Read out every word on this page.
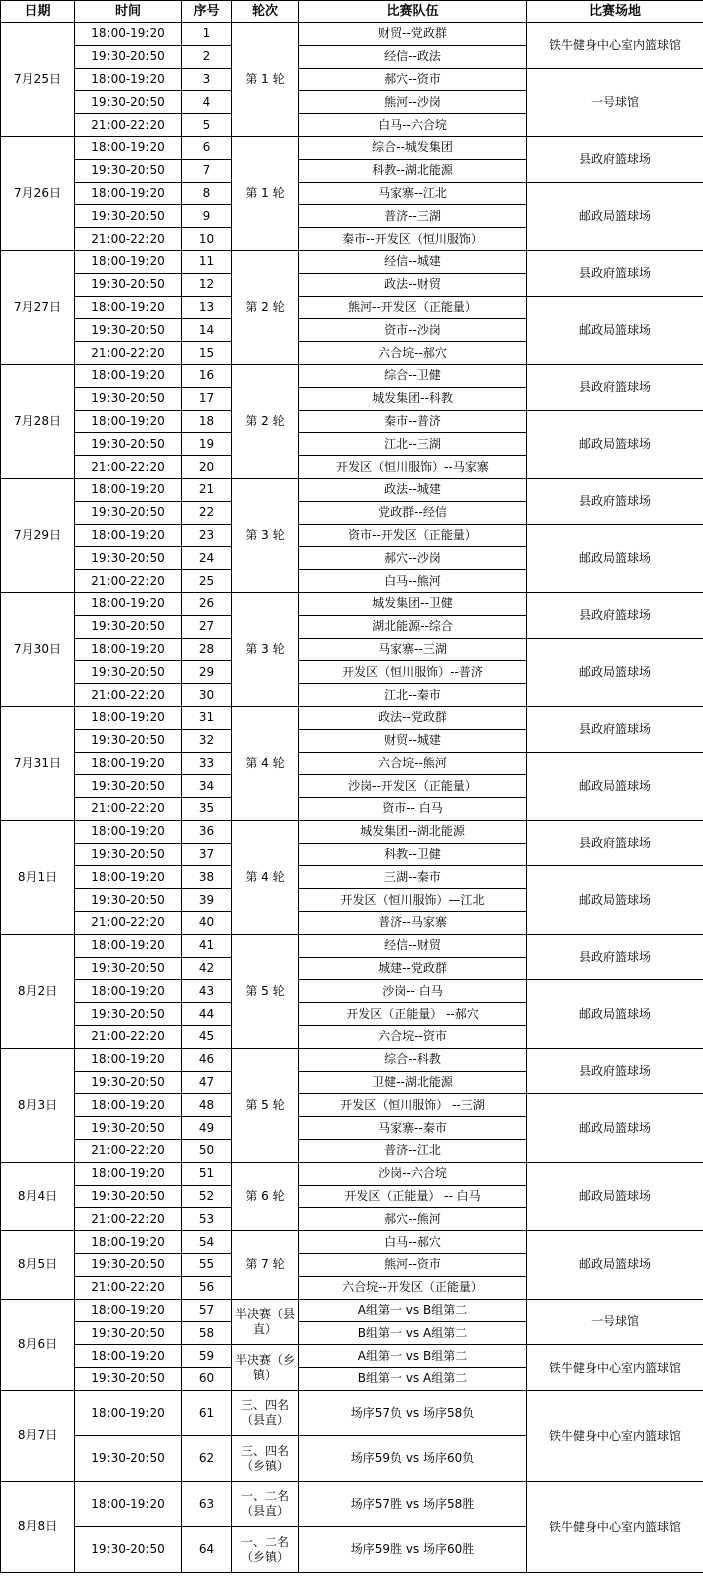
日期	时间	序号	轮次	比赛队伍	比赛场地
7月25日	18:00-19:20	1	第 1 轮	财贸--党政群	铁牛健身中心室内篮球馆
	19:30-20:50	2		经信--政法	
	18:00-19:20	3		郝穴--资市	一号球馆
	19:30-20:50	4		熊河--沙岗	
	21:00-22:20	5		白马--六合垸	
7月26日	18:00-19:20	6	第 1 轮	综合--城发集团	县政府篮球场
	19:30-20:50	7		科教--湖北能源	
	18:00-19:20	8		马家寨--江北	邮政局篮球场
	19:30-20:50	9		普济--三湖	
	21:00-22:20	10		秦市--开发区（恒川服饰）	
7月27日	18:00-19:20	11	第 2 轮	经信--城建	县政府篮球场
	19:30-20:50	12		政法--财贸	
	18:00-19:20	13		熊河--开发区（正能量）	邮政局篮球场
	19:30-20:50	14		资市--沙岗	
	21:00-22:20	15		六合垸--郝穴	
7月28日	18:00-19:20	16	第 2 轮	综合--卫健	县政府篮球场
	19:30-20:50	17		城发集团--科教	
	18:00-19:20	18		秦市--普济	邮政局篮球场
	19:30-20:50	19		江北--三湖	
	21:00-22:20	20		开发区（恒川服饰）--马家寨	
7月29日	18:00-19:20	21	第 3 轮	政法--城建	县政府篮球场
	19:30-20:50	22		党政群--经信	
	18:00-19:20	23		资市--开发区（正能量）	邮政局篮球场
	19:30-20:50	24		郝穴--沙岗	
	21:00-22:20	25		白马--熊河	
7月30日	18:00-19:20	26	第 3 轮	城发集团--卫健	县政府篮球场
	19:30-20:50	27		湖北能源--综合	
	18:00-19:20	28		马家寨--三湖	邮政局篮球场
	19:30-20:50	29		开发区（恒川服饰）--普济	
	21:00-22:20	30		江北--秦市	
7月31日	18:00-19:20	31	第 4 轮	政法--党政群	县政府篮球场
	19:30-20:50	32		财贸--城建	
	18:00-19:20	33		六合垸--熊河	邮政局篮球场
	19:30-20:50	34		沙岗--开发区（正能量）	
	21:00-22:20	35		资市-- 白马	
8月1日	18:00-19:20	36	第 4 轮	城发集团--湖北能源	县政府篮球场
	19:30-20:50	37		科教--卫健	
	18:00-19:20	38		三湖--秦市	邮政局篮球场
	19:30-20:50	39		开发区（恒川服饰）—江北	
	21:00-22:20	40		普济--马家寨	
8月2日	18:00-19:20	41	第 5 轮	经信--财贸	县政府篮球场
	19:30-20:50	42		城建--党政群	
	18:00-19:20	43		沙岗-- 白马	邮政局篮球场
	19:30-20:50	44		开发区（正能量） --郝穴	
	21:00-22:20	45		六合垸--资市	
8月3日	18:00-19:20	46	第 5 轮	综合--科教	县政府篮球场
	19:30-20:50	47		卫健--湖北能源	
	18:00-19:20	48		开发区（恒川服饰） --三湖	邮政局篮球场
	19:30-20:50	49		马家寨--秦市	
	21:00-22:20	50		普济--江北	
8月4日	18:00-19:20	51	第 6 轮	沙岗--六合垸	邮政局篮球场
	19:30-20:50	52		开发区（正能量） -- 白马	
	21:00-22:20	53		郝穴--熊河	
8月5日	18:00-19:20	54	第 7 轮	白马--郝穴	邮政局篮球场
	19:30-20:50	55		熊河--资市	
	21:00-22:20	56		六合垸--开发区（正能量）	
8月6日	18:00-19:20	57	半决赛（县直）	A组第一 vs B组第二	一号球馆
	19:30-20:50	58		B组第一 vs A组第二	
	18:00-19:20	59	半决赛（乡镇）	A组第一 vs B组第二	铁牛健身中心室内篮球馆
	19:30-20:50	60		B组第一 vs A组第二	
8月7日	18:00-19:20	61	三、四名（县直）	场序57负 vs 场序58负	铁牛健身中心室内篮球馆
	19:30-20:50	62	三、四名（乡镇）	场序59负 vs 场序60负	
8月8日	18:00-19:20	63	一、二名（县直）	场序57胜 vs 场序58胜	铁牛健身中心室内篮球馆
	19:30-20:50	64	一、二名（乡镇）	场序59胜 vs 场序60胜	
